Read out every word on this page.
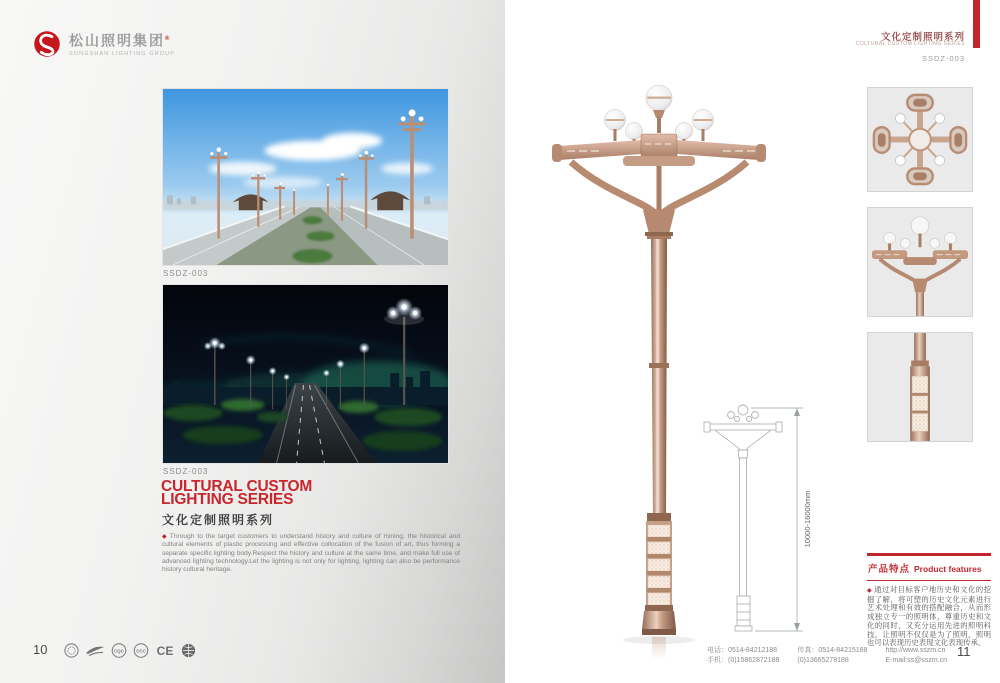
松山照明集团®
SONGSHAN LIGHTING GROUP
SSDZ-003
SSDZ-003
CULTURAL CUSTOM
LIGHTING SERIES
文化定制照明系列
◆ Through to the target customers to understand history and culture of mining, the historical and cultural elements of plastic processing and effective collocation of the fusion of art, thus forming a separate specific lighting body.Respect the history and culture at the same time, and make full use of advanced lighting technology.Let the lighting is not only for lighting, lighting can also be performance history cultural heritage.
10	CQC	CCC CE
文化定制照明系列
CULTURAL CUSTOM LIGHTING SERIES
SSDZ-003
10000-16000mm
产品特点 Product features
◆ 通过对目标客户地历史和文化的挖掘了解，将可塑的历史文化元素进行艺术处理和有效的搭配融合，从而形成独立专一的照明体，尊重历史和文化的同时，又充分运用先进的照明科技，让照明不仅仅是为了照明，照明也可以表现历史表现文化表现传承。
电话：0514-84212188	传真：0514-84215188	http://www.sszm.cn
手机：(0)15862872188	(0)13665278188	E-mail:ss@sszm.cn
11
